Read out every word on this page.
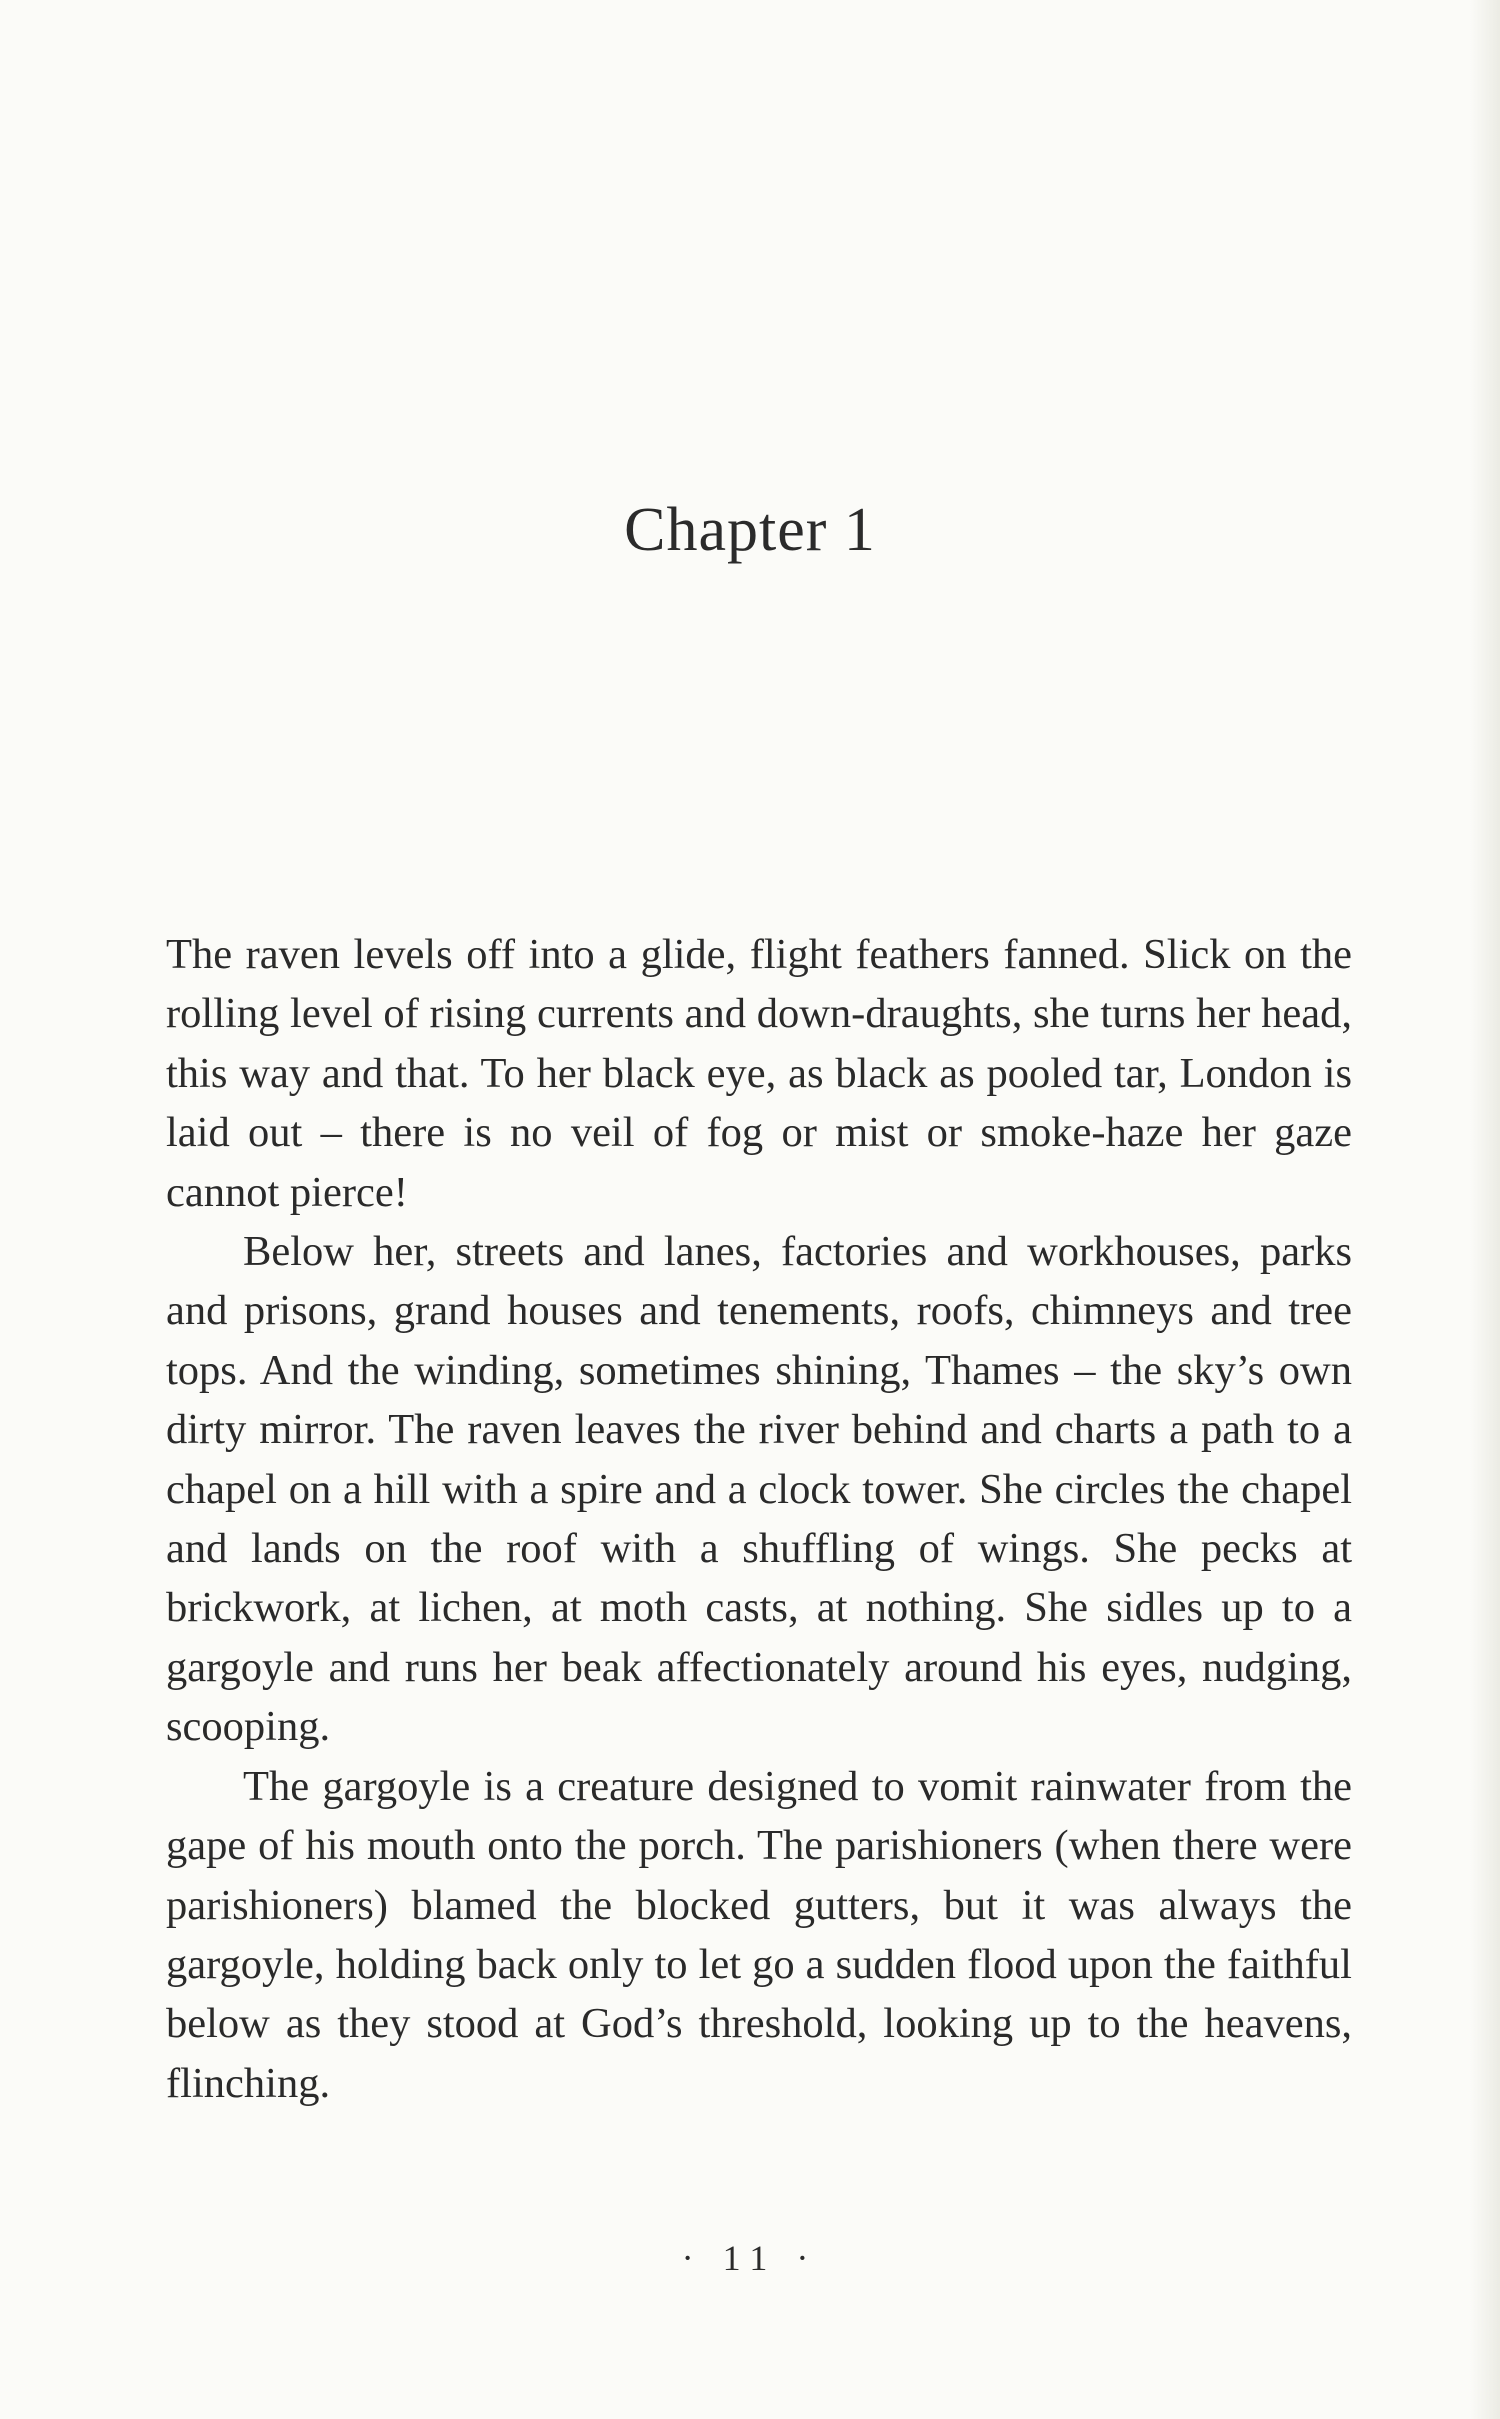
Chapter 1

The raven levels off into a glide, flight feathers fanned. Slick on the rolling level of rising currents and down-draughts, she turns her head, this way and that. To her black eye, as black as pooled tar, London is laid out – there is no veil of fog or mist or smoke-haze her gaze cannot pierce!

Below her, streets and lanes, factories and workhouses, parks and prisons, grand houses and tenements, roofs, chimneys and tree tops. And the winding, sometimes shining, Thames – the sky’s own dirty mirror. The raven leaves the river behind and charts a path to a chapel on a hill with a spire and a clock tower. She circles the chapel and lands on the roof with a shuffling of wings. She pecks at brickwork, at lichen, at moth casts, at nothing. She sidles up to a gargoyle and runs her beak affectionately around his eyes, nudging, scooping.

The gargoyle is a creature designed to vomit rainwater from the gape of his mouth onto the porch. The parishioners (when there were parishioners) blamed the blocked gutters, but it was always the gargoyle, holding back only to let go a sudden flood upon the faithful below as they stood at God’s threshold, looking up to the heavens, flinching.

· 11 ·
